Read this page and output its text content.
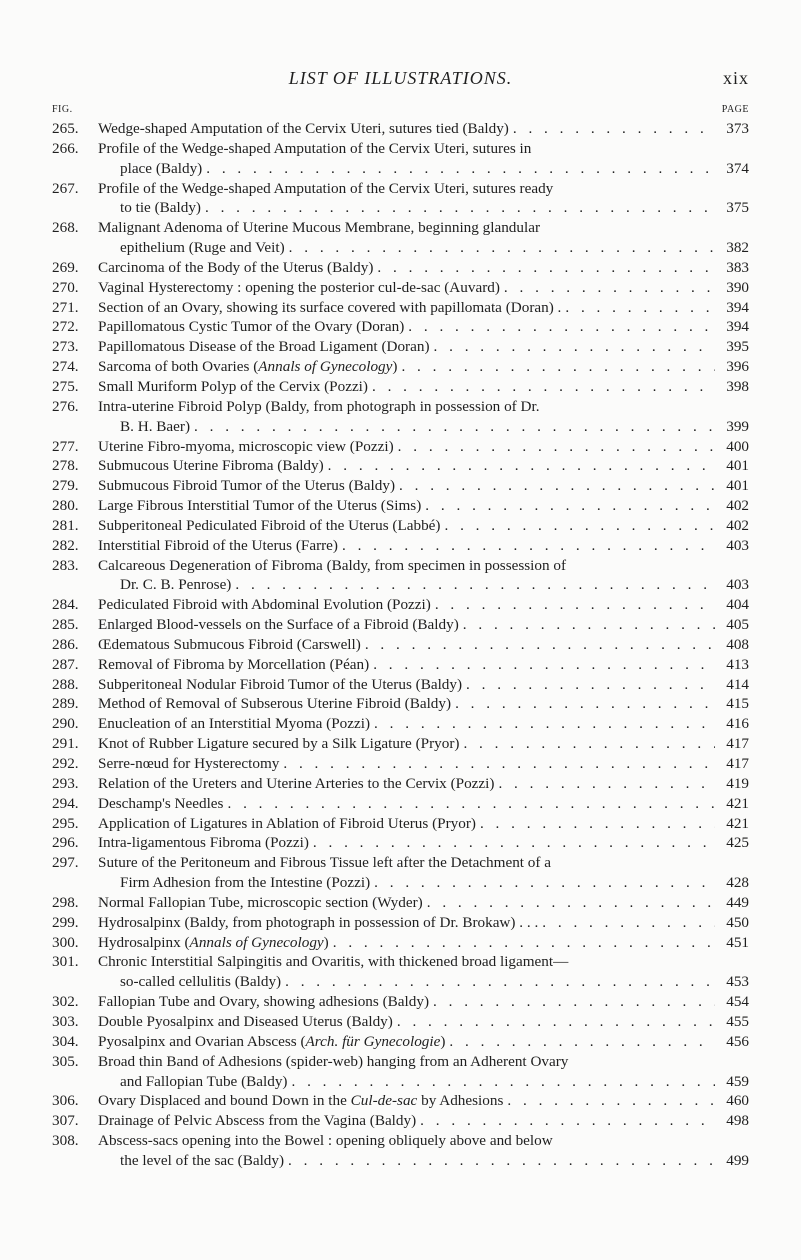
LIST OF ILLUSTRATIONS.	xix
FIG.	PAGE
265.	Wedge-shaped Amputation of the Cervix Uteri, sutures tied (Baldy) . . .	373
266.	Profile of the Wedge-shaped Amputation of the Cervix Uteri, sutures in
place (Baldy) . . .	374
267.	Profile of the Wedge-shaped Amputation of the Cervix Uteri, sutures ready
to tie (Baldy) . . .	375
268.	Malignant Adenoma of Uterine Mucous Membrane, beginning glandular
epithelium (Ruge and Veit) . . .	382
269.	Carcinoma of the Body of the Uterus (Baldy) . . .	383
270.	Vaginal Hysterectomy : opening the posterior cul-de-sac (Auvard) . . .	390
271.	Section of an Ovary, showing its surface covered with papillomata (Doran) . . . .	394
272.	Papillomatous Cystic Tumor of the Ovary (Doran) . . .	394
273.	Papillomatous Disease of the Broad Ligament (Doran) . . .	395
274.	Sarcoma of both Ovaries (Annals of Gynecology) . . .	396
275.	Small Muriform Polyp of the Cervix (Pozzi) . . .	398
276.	Intra-uterine Fibroid Polyp (Baldy, from photograph in possession of Dr.
B. H. Baer) . . .	399
277.	Uterine Fibro-myoma, microscopic view (Pozzi) . . .	400
278.	Submucous Uterine Fibroma (Baldy) . . .	401
279.	Submucous Fibroid Tumor of the Uterus (Baldy) . . .	401
280.	Large Fibrous Interstitial Tumor of the Uterus (Sims) . . .	402
281.	Subperitoneal Pediculated Fibroid of the Uterus (Labbé) . . .	402
282.	Interstitial Fibroid of the Uterus (Farre) . . .	403
283.	Calcareous Degeneration of Fibroma (Baldy, from specimen in possession of
Dr. C. B. Penrose) . . .	403
284.	Pediculated Fibroid with Abdominal Evolution (Pozzi) . . .	404
285.	Enlarged Blood-vessels on the Surface of a Fibroid (Baldy) . . .	405
286.	Œdematous Submucous Fibroid (Carswell) . . .	408
287.	Removal of Fibroma by Morcellation (Péan) . . .	413
288.	Subperitoneal Nodular Fibroid Tumor of the Uterus (Baldy) . . .	414
289.	Method of Removal of Subserous Uterine Fibroid (Baldy) . . .	415
290.	Enucleation of an Interstitial Myoma (Pozzi) . . .	416
291.	Knot of Rubber Ligature secured by a Silk Ligature (Pryor) . . .	417
292.	Serre-nœud for Hysterectomy . . .	417
293.	Relation of the Ureters and Uterine Arteries to the Cervix (Pozzi) . . .	419
294.	Deschamp's Needles . . .	421
295.	Application of Ligatures in Ablation of Fibroid Uterus (Pryor) . . .	421
296.	Intra-ligamentous Fibroma (Pozzi) . . .	425
297.	Suture of the Peritoneum and Fibrous Tissue left after the Detachment of a
Firm Adhesion from the Intestine (Pozzi) . . .	428
298.	Normal Fallopian Tube, microscopic section (Wyder) . . .	449
299.	Hydrosalpinx (Baldy, from photograph in possession of Dr. Brokaw) . . . . . .	450
300.	Hydrosalpinx (Annals of Gynecology) . . .	451
301.	Chronic Interstitial Salpingitis and Ovaritis, with thickened broad ligament—
so-called cellulitis (Baldy) . . .	453
302.	Fallopian Tube and Ovary, showing adhesions (Baldy) . . .	454
303.	Double Pyosalpinx and Diseased Uterus (Baldy) . . .	455
304.	Pyosalpinx and Ovarian Abscess (Arch. für Gynecologie) . . .	456
305.	Broad thin Band of Adhesions (spider-web) hanging from an Adherent Ovary
and Fallopian Tube (Baldy) . . .	459
306.	Ovary Displaced and bound Down in the Cul-de-sac by Adhesions . . .	460
307.	Drainage of Pelvic Abscess from the Vagina (Baldy) . . .	498
308.	Abscess-sacs opening into the Bowel : opening obliquely above and below
the level of the sac (Baldy) . . .	499
